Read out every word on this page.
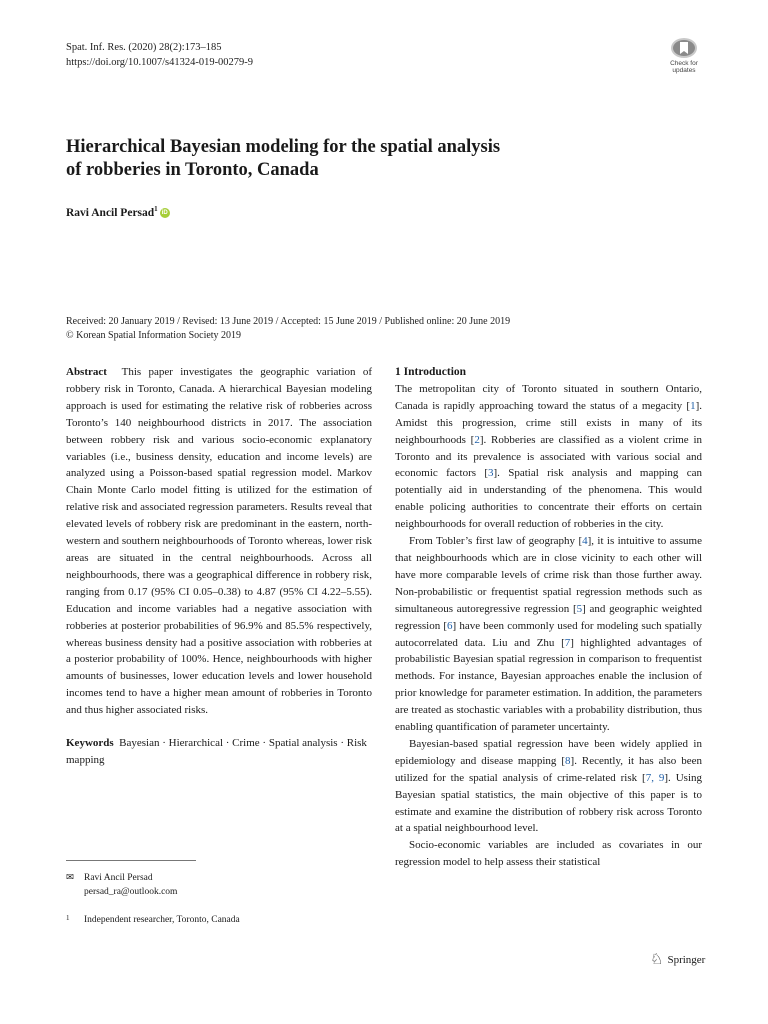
Spat. Inf. Res. (2020) 28(2):173–185
https://doi.org/10.1007/s41324-019-00279-9	Check for
updates
Hierarchical Bayesian modeling for the spatial analysis
of robberies in Toronto, Canada
Ravi Ancil Persad$^1$iD
Received: 20 January 2019 / Revised: 13 June 2019 / Accepted: 15 June 2019 / Published online: 20 June 2019
© Korean Spatial Information Society 2019

Abstract This paper investigates the geographic variation of robbery risk in Toronto, Canada. A hierarchical Bayesian modeling approach is used for estimating the relative risk of robberies across Toronto’s 140 neighbourhood districts in 2017. The association between robbery risk and various socio-economic explanatory variables (i.e., business density, education and income levels) are analyzed using a Poisson-based spatial regression model. Markov Chain Monte Carlo model fitting is utilized for the estimation of relative risk and associated regression parameters. Results reveal that elevated levels of robbery risk are predominant in the eastern, north-western and southern neighbourhoods of Toronto whereas, lower risk areas are situated in the central neighbourhoods. Across all neighbourhoods, there was a geographical difference in robbery risk, ranging from 0.17 (95% CI 0.05–0.38) to 4.87 (95% CI 4.22–5.55). Education and income variables had a negative association with robberies at posterior probabilities of 96.9% and 85.5% respectively, whereas business density had a positive association with robberies at a posterior probability of 100%. Hence, neighbourhoods with higher amounts of businesses, lower education levels and lower household incomes tend to have a higher mean amount of robberies in Toronto and thus higher associated risks.

Keywords Bayesian · Hierarchical · Crime · Spatial analysis · Risk mapping

✉ Ravi Ancil Persad
persad_ra@outlook.com
1 Independent researcher, Toronto, Canada

1 Introduction

The metropolitan city of Toronto situated in southern Ontario, Canada is rapidly approaching toward the status of a megacity [1]. Amidst this progression, crime still exists in many of its neighbourhoods [2]. Robberies are classified as a violent crime in Toronto and its prevalence is associated with various social and economic factors [3]. Spatial risk analysis and mapping can potentially aid in understanding of the phenomena. This would enable policing authorities to concentrate their efforts on certain neighbourhoods for overall reduction of robberies in the city.

From Tobler’s first law of geography [4], it is intuitive to assume that neighbourhoods which are in close vicinity to each other will have more comparable levels of crime risk than those further away. Non-probabilistic or frequentist spatial regression methods such as simultaneous autoregressive regression [5] and geographic weighted regression [6] have been commonly used for modeling such spatially autocorrelated data. Liu and Zhu [7] highlighted advantages of probabilistic Bayesian spatial regression in comparison to frequentist methods. For instance, Bayesian approaches enable the inclusion of prior knowledge for parameter estimation. In addition, the parameters are treated as stochastic variables with a probability distribution, thus enabling quantification of parameter uncertainty.

Bayesian-based spatial regression have been widely applied in epidemiology and disease mapping [8]. Recently, it has also been utilized for the spatial analysis of crime-related risk [7, 9]. Using Bayesian spatial statistics, the main objective of this paper is to estimate and examine the distribution of robbery risk across Toronto at a spatial neighbourhood level.

Socio-economic variables are included as covariates in our regression model to help assess their statistical

♘ Springer
